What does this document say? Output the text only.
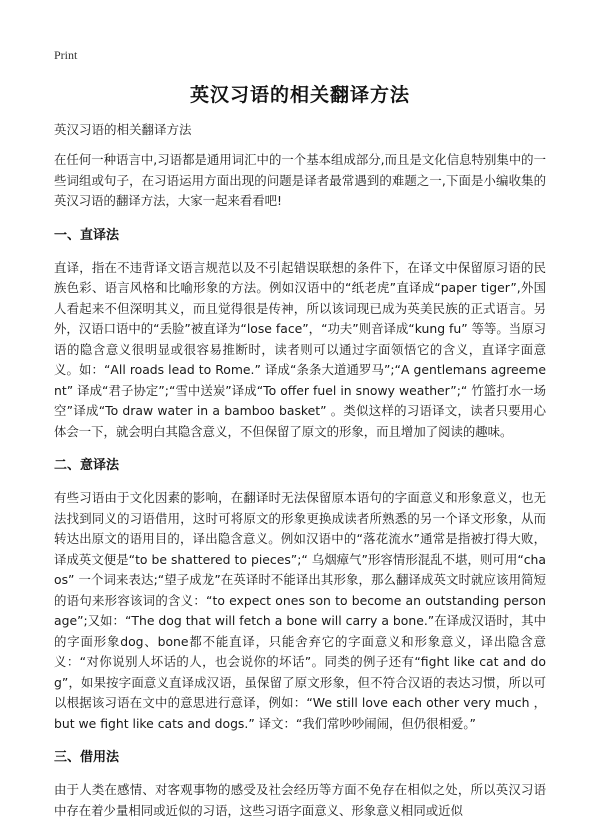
Print
英汉习语的相关翻译方法
英汉习语的相关翻译方法

在任何一种语言中,习语都是通用词汇中的一个基本组成部分,而且是文化信息特别集中的一些词组或句子，在习语运用方面出现的问题是译者最常遇到的难题之一,下面是小编收集的英汉习语的翻译方法，大家一起来看看吧!

一、直译法

直译，指在不违背译文语言规范以及不引起错误联想的条件下，在译文中保留原习语的民族色彩、语言风格和比喻形象的方法。例如汉语中的“纸老虎”直译成“paper tiger”,外国人看起来不但深明其义，而且觉得很是传神，所以该词现已成为英美民族的正式语言。另外，汉语口语中的“丢脸”被直译为“lose face”，“功夫”则音译成“kung fu” 等等。当原习语的隐含意义很明显或很容易推断时，读者则可以通过字面领悟它的含义，直译字面意义。如：“All roads lead to Rome.” 译成“条条大道通罗马”;“A gentlemans agreement” 译成“君子协定”;“雪中送炭”译成“To offer fuel in snowy weather”;“ 竹篮打水一场空”译成“To draw water in a bamboo basket” 。类似这样的习语译文，读者只要用心体会一下，就会明白其隐含意义，不但保留了原文的形象，而且增加了阅读的趣味。

二、意译法

有些习语由于文化因素的影响，在翻译时无法保留原本语句的字面意义和形象意义，也无法找到同义的习语借用，这时可将原文的形象更换成读者所熟悉的另一个译文形象，从而转达出原文的语用目的，译出隐含意义。例如汉语中的“落花流水”通常是指被打得大败，译成英文便是“to be shattered to pieces”;“ 乌烟瘴气”形容情形混乱不堪，则可用“chaos” 一个词来表达;“望子成龙”在英译时不能译出其形象，那么翻译成英文时就应该用简短的语句来形容该词的含义：“to expect ones son to become an outstanding personage”;又如：“The dog that will fetch a bone will carry a bone.”在译成汉语时，其中的字面形象dog、bone都不能直译，只能舍弃它的字面意义和形象意义，译出隐含意义：“对你说别人坏话的人，也会说你的坏话”。同类的例子还有“fight like cat and dog”，如果按字面意义直译成汉语，虽保留了原文形象，但不符合汉语的表达习惯，所以可以根据该习语在文中的意思进行意译，例如：“We still love each other very much ，but we fight like cats and dogs.” 译文：“我们常吵吵闹闹，但仍很相爱。”

三、借用法

由于人类在感情、对客观事物的感受及社会经历等方面不免存在相似之处，所以英汉习语中存在着少量相同或近似的习语，这些习语字面意义、形象意义相同或近似
